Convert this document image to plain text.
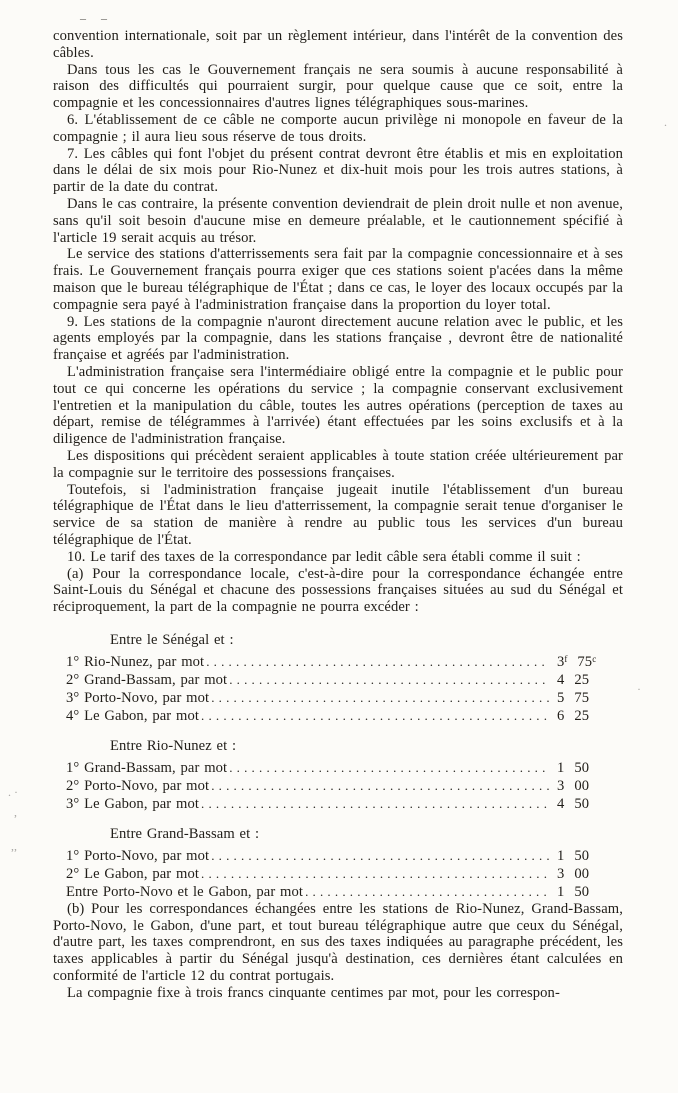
– –
. ·
,
,,
·
.

convention internationale, soit par un règlement intérieur, dans l'intérêt de la convention des câbles.

Dans tous les cas le Gouvernement français ne sera soumis à aucune responsabilité à raison des difficultés qui pourraient surgir, pour quelque cause que ce soit, entre la compagnie et les concessionnaires d'autres lignes télégraphiques sous-marines.

6. L'établissement de ce câble ne comporte aucun privilège ni monopole en faveur de la compagnie ; il aura lieu sous réserve de tous droits.

7. Les câbles qui font l'objet du présent contrat devront être établis et mis en exploitation dans le délai de six mois pour Rio-Nunez et dix-huit mois pour les trois autres stations, à partir de la date du contrat.

Dans le cas contraire, la présente convention deviendrait de plein droit nulle et non avenue, sans qu'il soit besoin d'aucune mise en demeure préalable, et le cautionnement spécifié à l'article 19 serait acquis au trésor.

Le service des stations d'atterrissements sera fait par la compagnie concessionnaire et à ses frais. Le Gouvernement français pourra exiger que ces stations soient p'acées dans la même maison que le bureau télégraphique de l'État ; dans ce cas, le loyer des locaux occupés par la compagnie sera payé à l'administration française dans la proportion du loyer total.

9. Les stations de la compagnie n'auront directement aucune relation avec le public, et les agents employés par la compagnie, dans les stations française , devront être de nationalité française et agréés par l'administration.

L'administration française sera l'intermédiaire obligé entre la compagnie et le public pour tout ce qui concerne les opérations du service ; la compagnie conservant exclusivement l'entretien et la manipulation du câble, toutes les autres opérations (perception de taxes au départ, remise de télégrammes à l'arrivée) étant effectuées par les soins exclusifs et à la diligence de l'administration française.

Les dispositions qui précèdent seraient applicables à toute station créée ultérieurement par la compagnie sur le territoire des possessions françaises.

Toutefois, si l'administration française jugeait inutile l'établissement d'un bureau télégraphique de l'État dans le lieu d'atterrissement, la compagnie serait tenue d'organiser le service de sa station de manière à rendre au public tous les services d'un bureau télégraphique de l'État.

10. Le tarif des taxes de la correspondance par ledit câble sera établi comme il suit :

(a) Pour la correspondance locale, c'est-à-dire pour la correspondance échangée entre Saint-Louis du Sénégal et chacune des possessions françaises situées au sud du Sénégal et réciproquement, la part de la compagnie ne pourra excéder :

Entre le Sénégal et :
1° Rio-Nunez, par mot .....	3$^f$ 75$^c$
2° Grand-Bassam, par mot .....	4 25
3° Porto-Novo, par mot .....	5 75
4° Le Gabon, par mot .....	6 25
Entre Rio-Nunez et :
1° Grand-Bassam, par mot .....	1 50
2° Porto-Novo, par mot .....	3 00
3° Le Gabon, par mot .....	4 50
Entre Grand-Bassam et :
1° Porto-Novo, par mot .....	1 50
2° Le Gabon, par mot .....	3 00
Entre Porto-Novo et le Gabon, par mot .....	1 50

(b) Pour les correspondances échangées entre les stations de Rio-Nunez, Grand-Bassam, Porto-Novo, le Gabon, d'une part, et tout bureau télégraphique autre que ceux du Sénégal, d'autre part, les taxes comprendront, en sus des taxes indiquées au paragraphe précédent, les taxes applicables à partir du Sénégal jusqu'à destination, ces dernières étant calculées en conformité de l'article 12 du contrat portugais.

La compagnie fixe à trois francs cinquante centimes par mot, pour les correspon-
